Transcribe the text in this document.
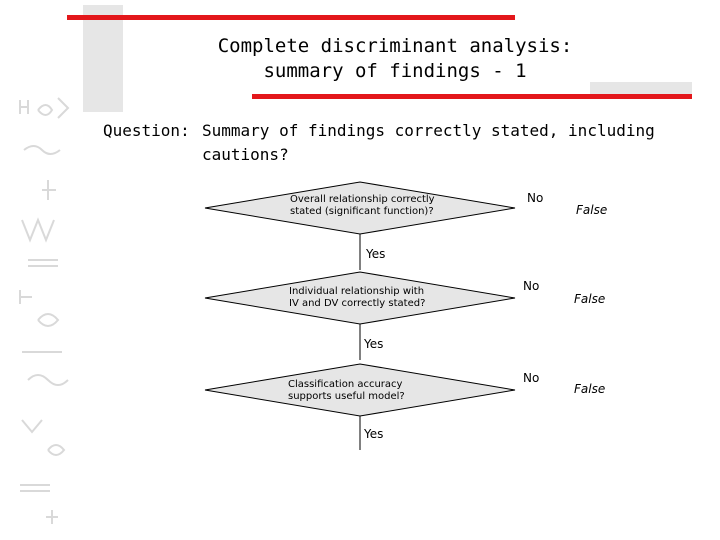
Complete discriminant analysis:
summary of findings - 1
Question: Summary of findings correctly stated, including cautions?
Overall relationship correctly stated (significant function)?
No
False
Yes
Individual relationship with IV and DV correctly stated?
No
False
Yes
Classification accuracy supports useful model?
No
False
Yes
